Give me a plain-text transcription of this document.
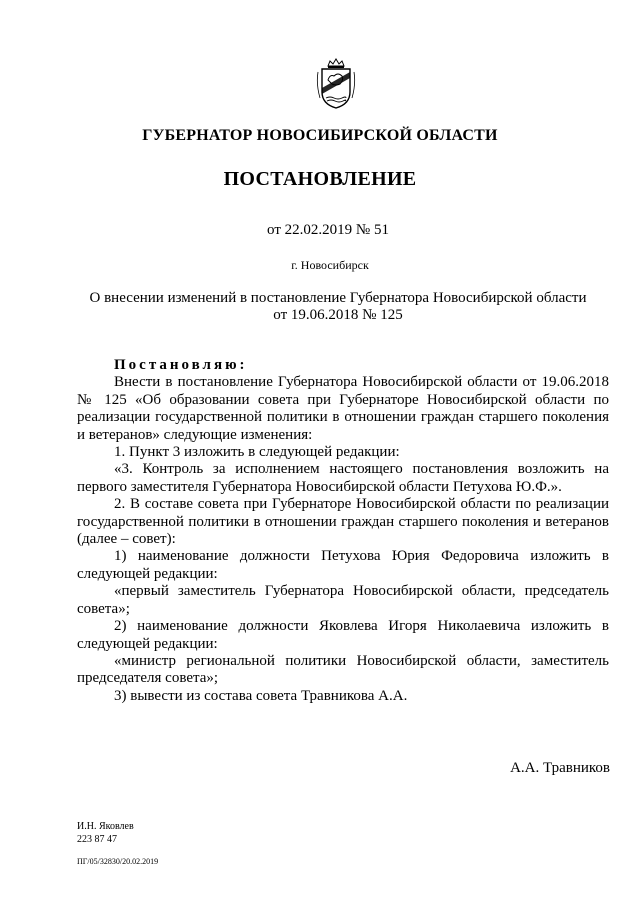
ГУБЕРНАТОР НОВОСИБИРСКОЙ ОБЛАСТИ
ПОСТАНОВЛЕНИЕ
от 22.02.2019 № 51
г. Новосибирск
О внесении изменений в постановление Губернатора Новосибирской области
от 19.06.2018 № 125

Постановляю:

Внести в постановление Губернатора Новосибирской области от 19.06.2018 № 125 «Об образовании совета при Губернаторе Новосибирской области по реализации государственной политики в отношении граждан старшего поколения и ветеранов» следующие изменения:

1. Пункт 3 изложить в следующей редакции:

«3. Контроль за исполнением настоящего постановления возложить на первого заместителя Губернатора Новосибирской области Петухова Ю.Ф.».

2. В составе совета при Губернаторе Новосибирской области по реализации государственной политики в отношении граждан старшего поколения и ветеранов (далее – совет):

1) наименование должности Петухова Юрия Федоровича изложить в следующей редакции:

«первый заместитель Губернатора Новосибирской области, председатель совета»;

2) наименование должности Яковлева Игоря Николаевича изложить в следующей редакции:

«министр региональной политики Новосибирской области, заместитель председателя совета»;

3) вывести из состава совета Травникова А.А.

А.А. Травников
И.Н. Яковлев
223 87 47
ПГ/05/32830/20.02.2019
